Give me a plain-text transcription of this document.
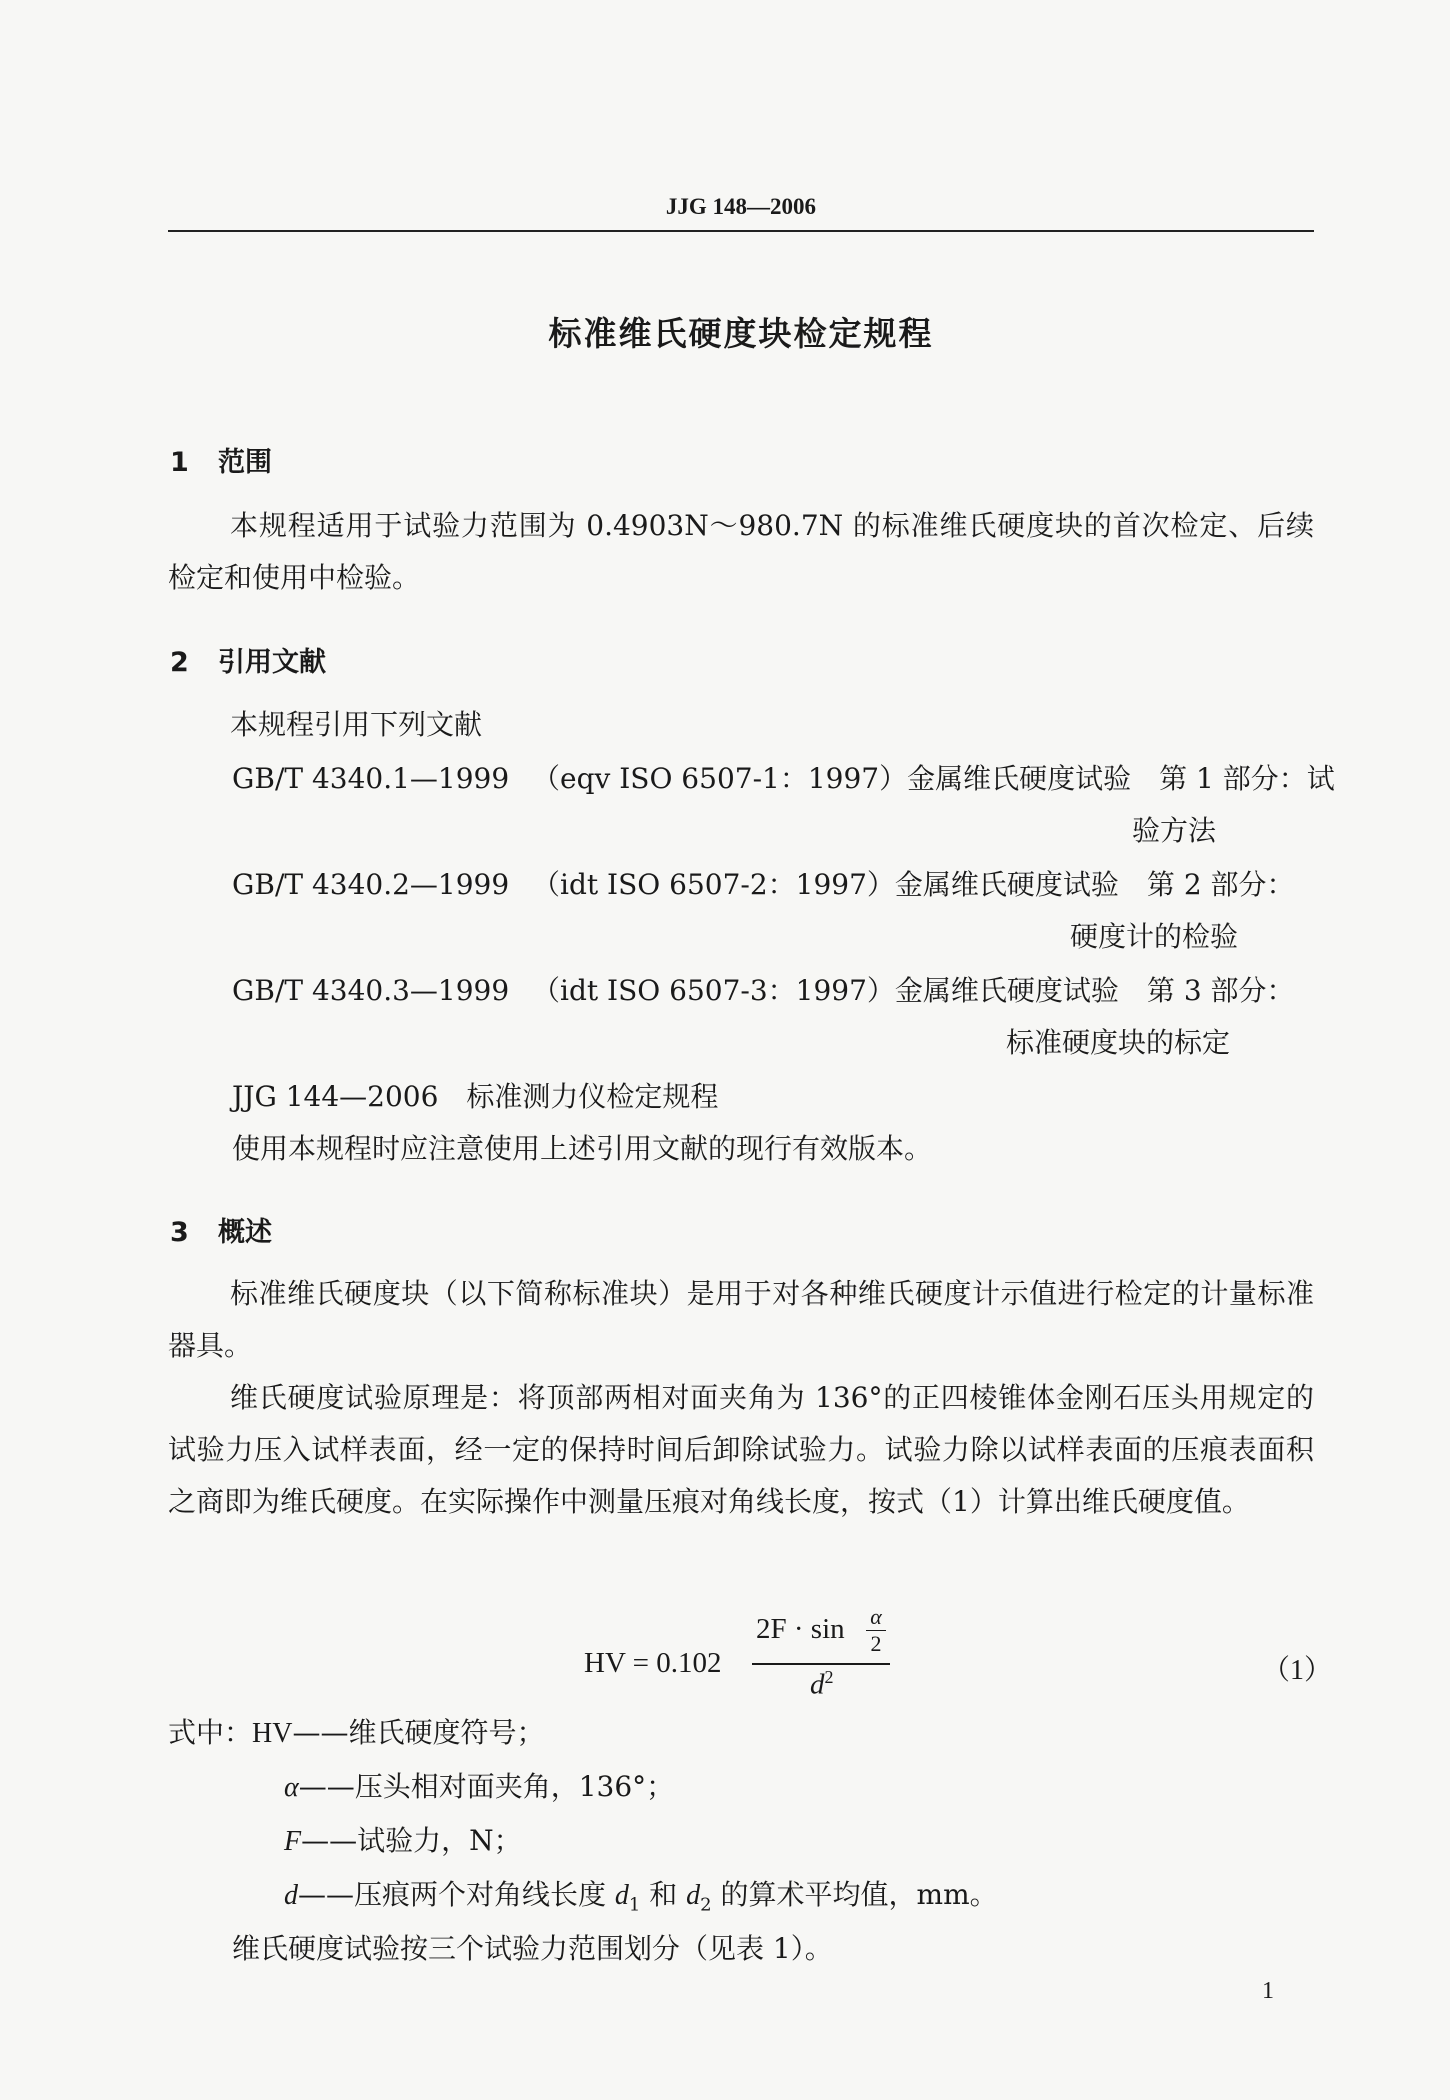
JJG 148—2006
标准维氏硬度块检定规程
1 范围
本规程适用于试验力范围为 0.4903N～980.7N 的标准维氏硬度块的首次检定、后续检定和使用中检验。
2 引用文献
本规程引用下列文献
GB/T 4340.1—1999 （eqv ISO 6507-1：1997）金属维氏硬度试验　第 1 部分：试
验方法
GB/T 4340.2—1999 （idt ISO 6507-2：1997）金属维氏硬度试验　第 2 部分：
硬度计的检验
GB/T 4340.3—1999 （idt ISO 6507-3：1997）金属维氏硬度试验　第 3 部分：
标准硬度块的标定
JJG 144—2006　标准测力仪检定规程
使用本规程时应注意使用上述引用文献的现行有效版本。
3 概述
标准维氏硬度块（以下简称标准块）是用于对各种维氏硬度计示值进行检定的计量标准器具。
维氏硬度试验原理是：将顶部两相对面夹角为 136°的正四棱锥体金刚石压头用规定的试验力压入试样表面，经一定的保持时间后卸除试验力。试验力除以试样表面的压痕表面积之商即为维氏硬度。在实际操作中测量压痕对角线长度，按式（1）计算出维氏硬度值。
HV = 0.102
2F · sin α
2
$d^2$	（1）
式中：HV——维氏硬度符号；
α——压头相对面夹角，136°；
F——试验力，N；
d——压痕两个对角线长度 $d_1$ 和 $d_2$ 的算术平均值，mm。
维氏硬度试验按三个试验力范围划分（见表 1）。
1
